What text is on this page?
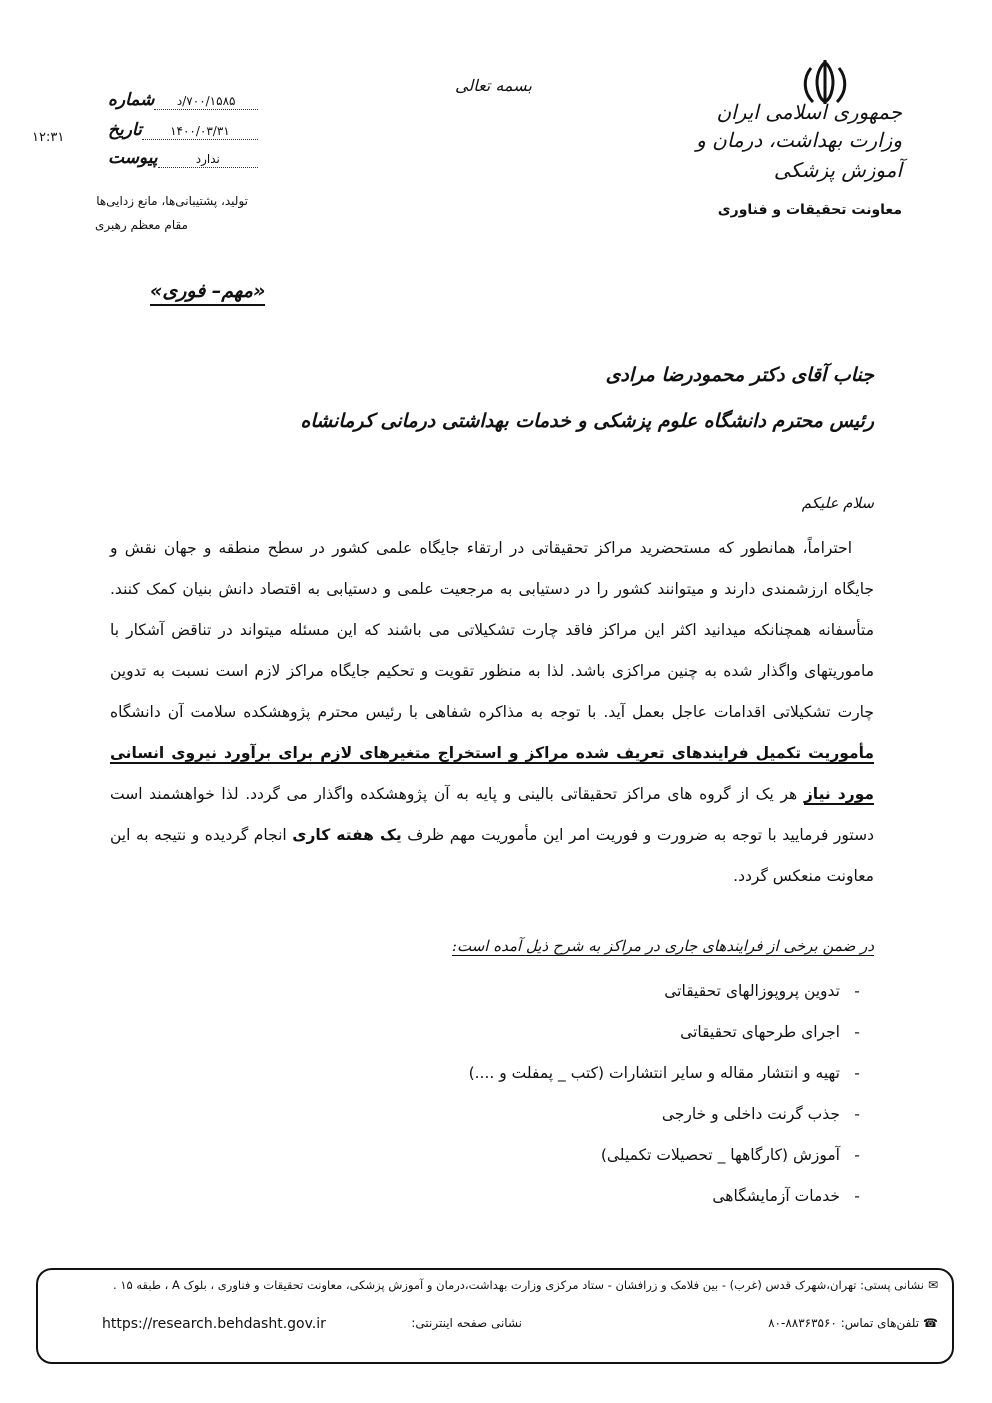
جمهوری اسلامی ایران
وزارت بهداشت، درمان و
آموزش پزشکی
معاونت تحقیقات و فناوری
بسمه تعالی
شماره	۷۰۰/۱۵۸۵/د
تاریخ	۱۴۰۰/۰۳/۳۱
پیوست	ندارد
۱۲:۳۱
تولید، پشتیبانی‌ها، مانع زدایی‌ها
مقام معظم رهبری
«مهم– فوری»
جناب آقای دکتر محمودرضا مرادی
رئیس محترم دانشگاه علوم پزشکی و خدمات بهداشتی درمانی کرمانشاه
سلام علیکم

احتراماً، همانطور که مستحضرید مراکز تحقیقاتی در ارتقاء جایگاه علمی کشور در سطح منطقه و جهان نقش و جایگاه ارزشمندی دارند و میتوانند کشور را در دستیابی به مرجعیت علمی و دستیابی به اقتصاد دانش بنیان کمک کنند. متأسفانه همچنانکه میدانید اکثر این مراکز فاقد چارت تشکیلاتی می باشند که این مسئله میتواند در تناقض آشکار با ماموریتهای واگذار شده به چنین مراکزی باشد. لذا به منظور تقویت و تحکیم جایگاه مراکز لازم است نسبت به تدوین چارت تشکیلاتی اقدامات عاجل بعمل آید. با توجه به مذاکره شفاهی با رئیس محترم پژوهشکده سلامت آن دانشگاه مأموریت تکمیل فرایندهای تعریف شده مراکز و استخراج متغیرهای لازم برای برآورد نیروی انسانی مورد نیاز هر یک از گروه های مراکز تحقیقاتی بالینی و پایه به آن پژوهشکده واگذار می گردد. لذا خواهشمند است دستور فرمایید با توجه به ضرورت و فوریت امر این مأموریت مهم ظرف یک هفته کاری انجام گردیده و نتیجه به این معاونت منعکس گردد.

در ضمن برخی از فرایندهای جاری در مراکز به شرح ذیل آمده است:
-تدوین پروپوزالهای تحقیقاتی
-اجرای طرحهای تحقیقاتی
-تهیه و انتشار مقاله و سایر انتشارات (کتب _ پمفلت و ....)
-جذب گرنت داخلی و خارجی
-آموزش (کارگاهها _ تحصیلات تکمیلی)
-خدمات آزمایشگاهی
✉نشانی پستی: تهران،شهرک قدس (غرب) - بین فلامک و زرافشان - ستاد مرکزی وزارت بهداشت،درمان و آموزش پزشکی، معاونت تحقیقات و فناوری ، بلوک A ، طبقه ۱۵ .
☎تلفن‌های تماس: ۸۸۳۶۳۵۶۰-۸۰
https://research.behdasht.gov.ir	نشانی صفحه اینترنتی:
